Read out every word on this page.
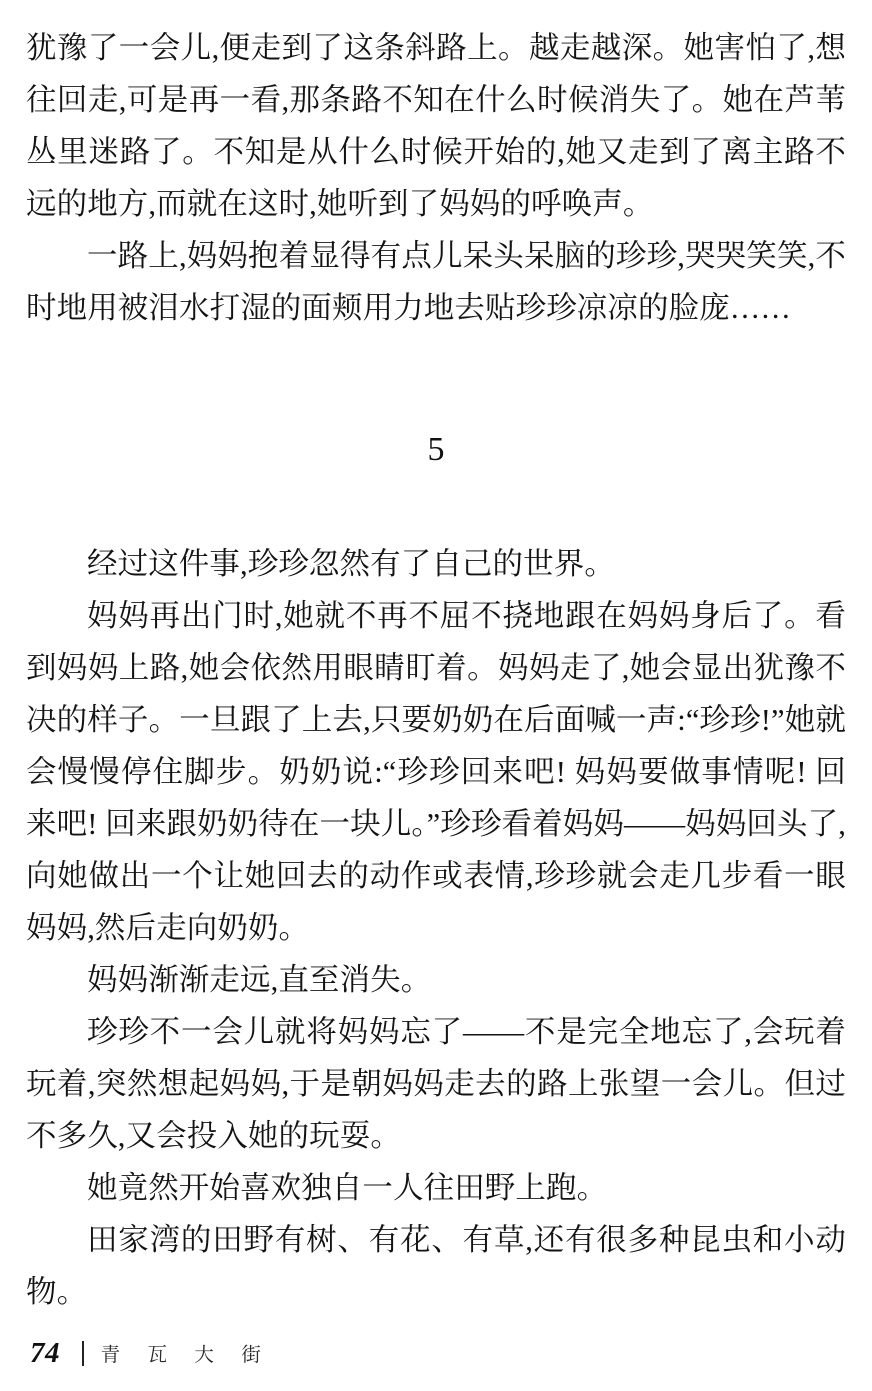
犹豫了一会儿,便走到了这条斜路上。越走越深。她害怕了,想往回走,可是再一看,那条路不知在什么时候消失了。她在芦苇丛里迷路了。不知是从什么时候开始的,她又走到了离主路不远的地方,而就在这时,她听到了妈妈的呼唤声。

一路上,妈妈抱着显得有点儿呆头呆脑的珍珍,哭哭笑笑,不时地用被泪水打湿的面颊用力地去贴珍珍凉凉的脸庞……

5

经过这件事,珍珍忽然有了自己的世界。

妈妈再出门时,她就不再不屈不挠地跟在妈妈身后了。看到妈妈上路,她会依然用眼睛盯着。妈妈走了,她会显出犹豫不决的样子。一旦跟了上去,只要奶奶在后面喊一声:“珍珍!”她就会慢慢停住脚步。奶奶说:“珍珍回来吧! 妈妈要做事情呢! 回来吧! 回来跟奶奶待在一块儿。”珍珍看着妈妈——妈妈回头了,向她做出一个让她回去的动作或表情,珍珍就会走几步看一眼妈妈,然后走向奶奶。

妈妈渐渐走远,直至消失。

珍珍不一会儿就将妈妈忘了——不是完全地忘了,会玩着玩着,突然想起妈妈,于是朝妈妈走去的路上张望一会儿。但过不多久,又会投入她的玩耍。

她竟然开始喜欢独自一人往田野上跑。

田家湾的田野有树、有花、有草,还有很多种昆虫和小动物。

74 青 瓦 大 街
